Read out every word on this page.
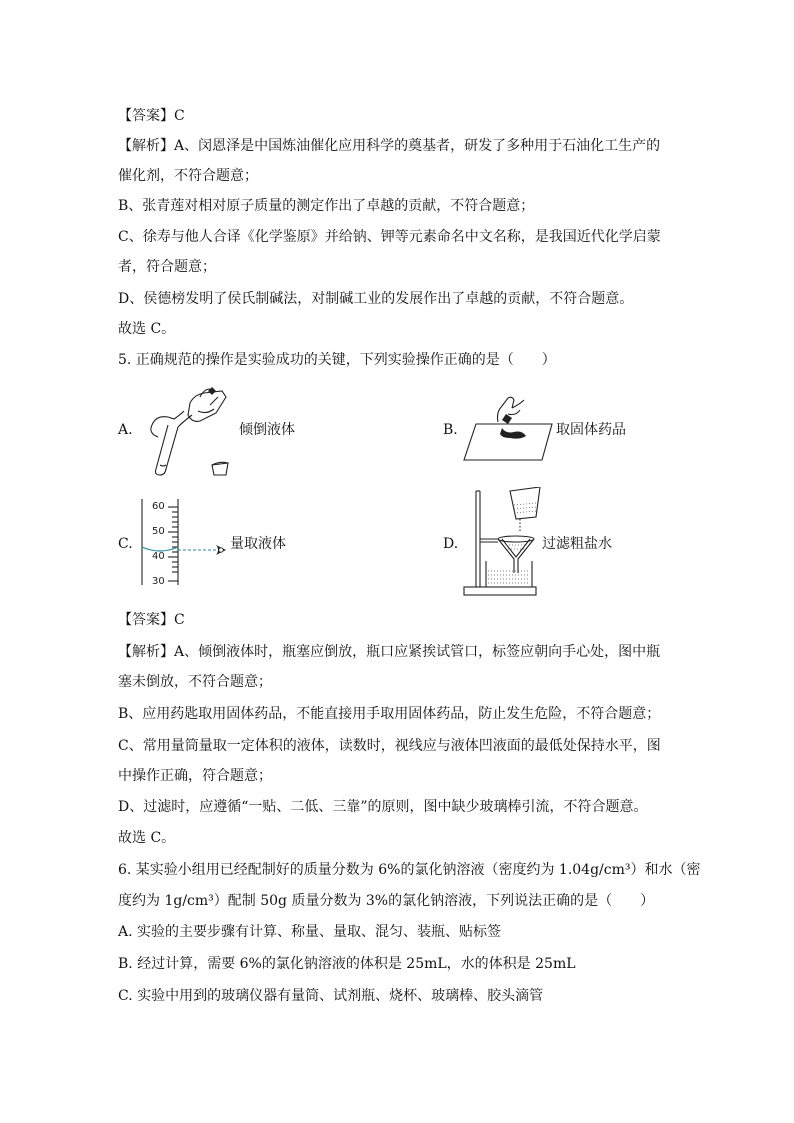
【答案】C
【解析】A、闵恩泽是中国炼油催化应用科学的奠基者，研发了多种用于石油化工生产的
催化剂，不符合题意；
B、张青莲对相对原子质量的测定作出了卓越的贡献，不符合题意；
C、徐寿与他人合译《化学鉴原》并给钠、钾等元素命名中文名称，是我国近代化学启蒙
者，符合题意；
D、侯德榜发明了侯氏制碱法，对制碱工业的发展作出了卓越的贡献，不符合题意。
故选 C。
5. 正确规范的操作是实验成功的关键，下列实验操作正确的是（　　）
A.	倾倒液体	B.	取固体药品
C.
60
50
40
30
量取液体	D.	过滤粗盐水
【答案】C
【解析】A、倾倒液体时，瓶塞应倒放，瓶口应紧挨试管口，标签应朝向手心处，图中瓶
塞未倒放，不符合题意；
B、应用药匙取用固体药品，不能直接用手取用固体药品，防止发生危险，不符合题意；
C、常用量筒量取一定体积的液体，读数时，视线应与液体凹液面的最低处保持水平，图
中操作正确，符合题意；
D、过滤时，应遵循“一贴、二低、三靠”的原则，图中缺少玻璃棒引流，不符合题意。
故选 C。
6. 某实验小组用已经配制好的质量分数为 6%的氯化钠溶液（密度约为 1.04g/cm³）和水（密
度约为 1g/cm³）配制 50g 质量分数为 3%的氯化钠溶液，下列说法正确的是（　　）
A. 实验的主要步骤有计算、称量、量取、混匀、装瓶、贴标签
B. 经过计算，需要 6%的氯化钠溶液的体积是 25mL，水的体积是 25mL
C. 实验中用到的玻璃仪器有量筒、试剂瓶、烧杯、玻璃棒、胶头滴管
